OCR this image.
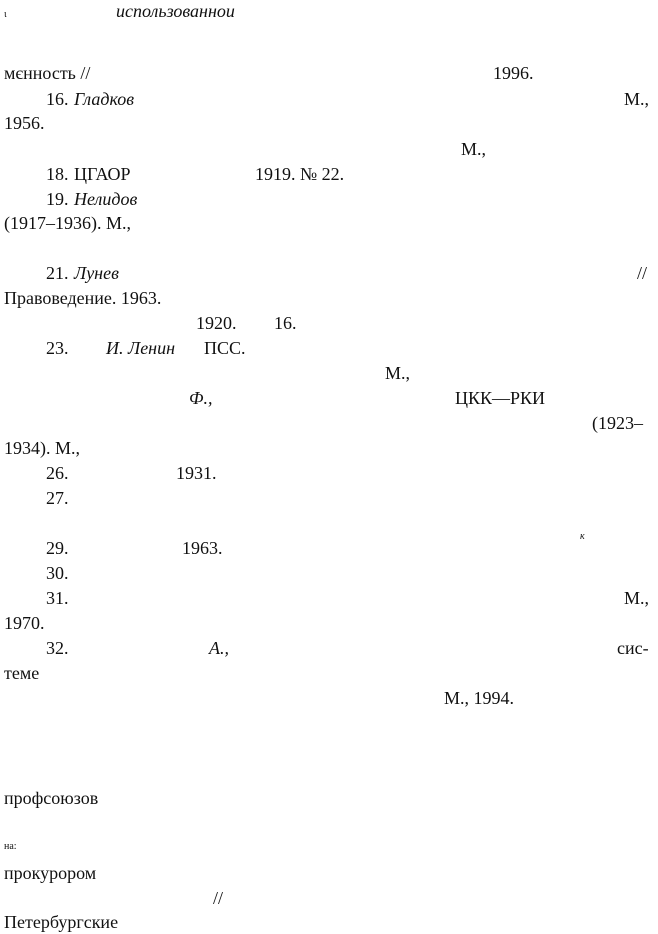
ɩ	использованнои
мєнность //	1996.
16. Гладков	М.,
1956.
М.,
18. ЦГАОР	1919. № 22.
19. Нелидов
(1917–1936). М.,
21. Лунев	//
Правоведение. 1963.
1920. 16.
23. И. Ленин ПСС.
М.,
Ф.,	ЦКК—РКИ
(1923–
1934). М.,
26.	1931.
27.
к
29.	1963.
30.
31.	М.,
1970.
32.	А.,	сис-
теме
М., 1994.
профсоюзов
на:
прокурором
//
Петербургские
